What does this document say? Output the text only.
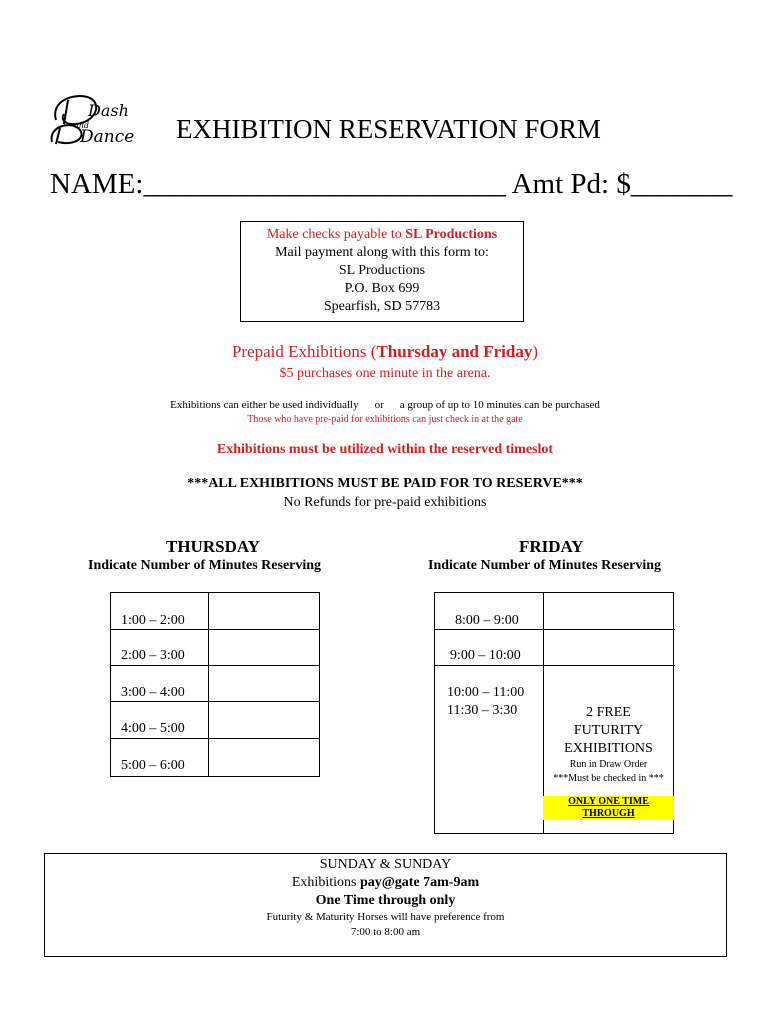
Dash
and
Dance EXHIBITION RESERVATION FORM
NAME:_________________________ Amt Pd: $_______
Make checks payable to SL Productions
Mail payment along with this form to:
SL Productions
P.O. Box 699
Spearfish, SD 57783
Prepaid Exhibitions (Thursday and Friday)
$5 purchases one minute in the arena.
Exhibitions can either be used individually or a group of up to 10 minutes can be purchased
Those who have pre-paid for exhibitions can just check in at the gate
Exhibitions must be utilized within the reserved timeslot
***ALL EXHIBITIONS MUST BE PAID FOR TO RESERVE***
No Refunds for pre-paid exhibitions
THURSDAY	FRIDAY
Indicate Number of Minutes Reserving	Indicate Number of Minutes Reserving
1:00 – 2:00
2:00 – 3:00
3:00 – 4:00
4:00 – 5:00
5:00 – 6:00
8:00 – 9:00
9:00 – 10:00
10:00 – 11:00
11:30 – 3:30	2 FREE
FUTURITY
EXHIBITIONS
Run in Draw Order
***Must be checked in ***
ONLY ONE TIME THROUGH
SUNDAY & SUNDAY
Exhibitions pay@gate 7am-9am
One Time through only
Futurity & Maturity Horses will have preference from
7:00 to 8:00 am
